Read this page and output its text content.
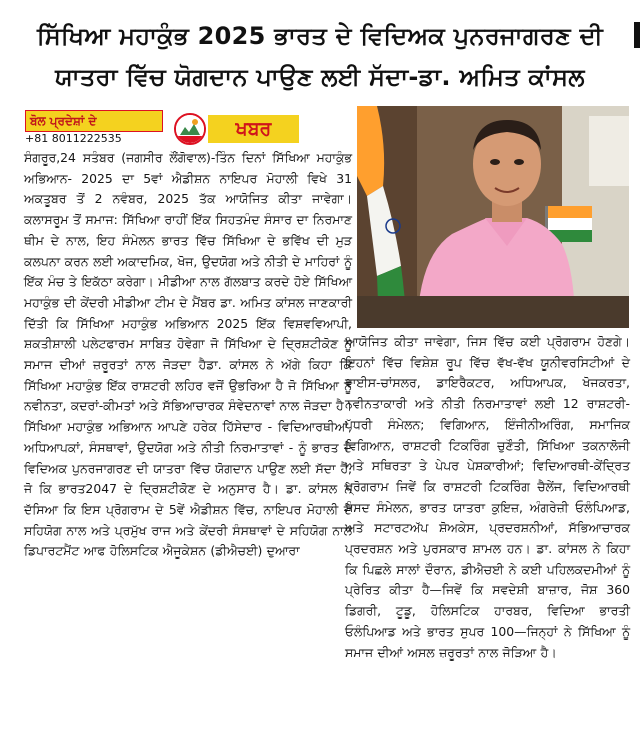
ਸਿੱਖਿਆ ਮਹਾਕੁੰਭ 2025 ਭਾਰਤ ਦੇ ਵਿਦਿਅਕ ਪੁਨਰਜਾਗਰਣ ਦੀ
ਯਾਤਰਾ ਵਿੱਚ ਯੋਗਦਾਨ ਪਾਉਣ ਲਈ ਸੱਦਾ-ਡਾ. ਅਮਿਤ ਕਾਂਸਲ
ਬੋਲ ਪ੍ਰਦੇਸ਼ਾਂ ਦੇ
+81 8011222535	ਖਬਰ

ਸੰਗਰੂਰ,24 ਸਤੰਬਰ (ਜਗਸੀਰ ਲੌਂਗੋਵਾਲ)-ਤਿੰਨ ਦਿਨਾਂ ਸਿੱਖਿਆ ਮਹਾਕੁੰਭ ਅਭਿਆਨ- 2025 ਦਾ 5ਵਾਂ ਐਡੀਸ਼ਨ ਨਾਇਪਰ ਮੋਹਾਲੀ ਵਿਖੇ 31 ਅਕਤੂਬਰ ਤੋਂ 2 ਨਵੰਬਰ, 2025 ਤੱਕ ਆਯੋਜਿਤ ਕੀਤਾ ਜਾਵੇਗਾ। ਕਲਾਸਰੂਮ ਤੋਂ ਸਮਾਜ: ਸਿੱਖਿਆ ਰਾਹੀਂ ਇੱਕ ਸਿਹਤਮੰਦ ਸੰਸਾਰ ਦਾ ਨਿਰਮਾਣ ਥੀਮ ਦੇ ਨਾਲ, ਇਹ ਸੰਮੇਲਨ ਭਾਰਤ ਵਿੱਚ ਸਿੱਖਿਆ ਦੇ ਭਵਿੱਖ ਦੀ ਮੁੜ ਕਲਪਨਾ ਕਰਨ ਲਈ ਅਕਾਦਮਿਕ, ਖੋਜ, ਉਦਯੋਗ ਅਤੇ ਨੀਤੀ ਦੇ ਮਾਹਿਰਾਂ ਨੂੰ ਇੱਕ ਮੰਚ ਤੇ ਇਕੱਠਾ ਕਰੇਗਾ। ਮੀਡੀਆ ਨਾਲ ਗੱਲਬਾਤ ਕਰਦੇ ਹੋਏ ਸਿੱਖਿਆ ਮਹਾਕੁੰਭ ਦੀ ਕੇਂਦਰੀ ਮੀਡੀਆ ਟੀਮ ਦੇ ਮੈਂਬਰ ਡਾ. ਅਮਿਤ ਕਾਂਸਲ ਜਾਣਕਾਰੀ ਦਿੱਤੀ ਕਿ ਸਿੱਖਿਆ ਮਹਾਕੁੰਭ ਅਭਿਆਨ 2025 ਇੱਕ ਵਿਸ਼ਵਵਿਆਪੀ, ਸ਼ਕਤੀਸ਼ਾਲੀ ਪਲੇਟਫਾਰਮ ਸਾਬਿਤ ਹੋਵੇਗਾ ਜੋ ਸਿੱਖਿਆ ਦੇ ਦ੍ਰਿਸ਼ਟੀਕੋਣ ਨੂੰ ਸਮਾਜ ਦੀਆਂ ਜ਼ਰੂਰਤਾਂ ਨਾਲ ਜੋੜਦਾ ਹੈਡਾ. ਕਾਂਸਲ ਨੇ ਅੱਗੇ ਕਿਹਾ ਕਿ ਸਿੱਖਿਆ ਮਹਾਕੁੰਭ ਇੱਕ ਰਾਸ਼ਟਰੀ ਲਹਿਰ ਵਜੋਂ ਉਭਰਿਆ ਹੈ ਜੋ ਸਿੱਖਿਆ ਨੂੰ ਨਵੀਨਤਾ, ਕਦਰਾਂ-ਕੀਮਤਾਂ ਅਤੇ ਸੱਭਿਆਚਾਰਕ ਸੰਵੇਦਨਾਵਾਂ ਨਾਲ ਜੋੜਦਾ ਹੈ। ਸਿੱਖਿਆ ਮਹਾਕੁੰਭ ਅਭਿਆਨ ਆਪਣੇ ਹਰੇਕ ਹਿੱਸੇਦਾਰ - ਵਿਦਿਆਰਥੀਆਂ, ਅਧਿਆਪਕਾਂ, ਸੰਸਥਾਵਾਂ, ਉਦਯੋਗ ਅਤੇ ਨੀਤੀ ਨਿਰਮਾਤਾਵਾਂ - ਨੂੰ ਭਾਰਤ ਦੇ ਵਿਦਿਅਕ ਪੁਨਰਜਾਗਰਣ ਦੀ ਯਾਤਰਾ ਵਿੱਚ ਯੋਗਦਾਨ ਪਾਉਣ ਲਈ ਸੱਦਾ ਹੈ, ਜੋ ਕਿ ਭਾਰਤ2047 ਦੇ ਦ੍ਰਿਸ਼ਟੀਕੋਣ ਦੇ ਅਨੁਸਾਰ ਹੈ। ਡਾ. ਕਾਂਸਲ ਨੇ ਦੱਸਿਆ ਕਿ ਇਸ ਪ੍ਰੋਗਰਾਮ ਦੇ 5ਵੇਂ ਐਡੀਸ਼ਨ ਵਿੱਚ, ਨਾਇਪਰ ਮੋਹਾਲੀ ਦੇ ਸਹਿਯੋਗ ਨਾਲ ਅਤੇ ਪ੍ਰਮੁੱਖ ਰਾਜ ਅਤੇ ਕੇਂਦਰੀ ਸੰਸਥਾਵਾਂ ਦੇ ਸਹਿਯੋਗ ਨਾਲ ਡਿਪਾਰਟਮੈਂਟ ਆਫ ਹੋਲਿਸਟਿਕ ਐਜੂਕੇਸ਼ਨ (ਡੀਐਚਈ) ਦੁਆਰਾ

ਆਯੋਜਿਤ ਕੀਤਾ ਜਾਵੇਗਾ, ਜਿਸ ਵਿੱਚ ਕਈ ਪ੍ਰੋਗਰਾਮ ਹੋਣਗੇ। ਇਹਨਾਂ ਵਿੱਚ ਵਿਸ਼ੇਸ਼ ਰੂਪ ਵਿੱਚ ਵੱਖ-ਵੱਖ ਯੂਨੀਵਰਸਿਟੀਆਂ ਦੇ ਵਾਈਸ-ਚਾਂਸਲਰ, ਡਾਇਰੈਕਟਰ, ਅਧਿਆਪਕ, ਖੋਜਕਰਤਾ, ਨਵੀਨਤਾਕਾਰੀ ਅਤੇ ਨੀਤੀ ਨਿਰਮਾਤਾਵਾਂ ਲਈ 12 ਰਾਸ਼ਟਰੀ-ਪੱਧਰੀ ਸੰਮੇਲਨ; ਵਿਗਿਆਨ, ਇੰਜੀਨੀਅਰਿੰਗ, ਸਮਾਜਿਕ ਵਿਗਿਆਨ, ਰਾਸ਼ਟਰੀ ਟਿਕਰਿੰਗ ਚੁਣੌਤੀ, ਸਿੱਖਿਆ ਤਕਨਾਲੋਜੀ ਅਤੇ ਸਥਿਰਤਾ ਤੇ ਪੇਪਰ ਪੇਸ਼ਕਾਰੀਆਂ; ਵਿਦਿਆਰਥੀ-ਕੇਂਦ੍ਰਿਤ ਪ੍ਰੋਗਰਾਮ ਜਿਵੇਂ ਕਿ ਰਾਸ਼ਟਰੀ ਟਿਕਰਿੰਗ ਚੈਲੇਂਜ, ਵਿਦਿਆਰਥੀ ਸੰਸਦ ਸੰਮੇਲਨ, ਭਾਰਤ ਯਾਤਰਾ ਕੁਇਜ਼, ਅੰਗਰੇਜ਼ੀ ਓਲੰਪਿਆਡ, ਅਤੇ ਸਟਾਰਟਅੱਪ ਸ਼ੋਅਕੇਸ, ਪ੍ਰਦਰਸ਼ਨੀਆਂ, ਸੱਭਿਆਚਾਰਕ ਪ੍ਰਦਰਸ਼ਨ ਅਤੇ ਪੁਰਸਕਾਰ ਸ਼ਾਮਲ ਹਨ। ਡਾ. ਕਾਂਸਲ ਨੇ ਕਿਹਾ ਕਿ ਪਿਛਲੇ ਸਾਲਾਂ ਦੌਰਾਨ, ਡੀਐਚਈ ਨੇ ਕਈ ਪਹਿਲਕਦਮੀਆਂ ਨੂੰ ਪ੍ਰੇਰਿਤ ਕੀਤਾ ਹੈ—ਜਿਵੇਂ ਕਿ ਸਵਦੇਸ਼ੀ ਬਾਜ਼ਾਰ, ਜੋਸ਼ 360 ਡਿਗਰੀ, ਟੂਡੂ, ਹੋਲਿਸਟਿਕ ਹਾਰਬਰ, ਵਿਦਿਆ ਭਾਰਤੀ ਓਲੰਪਿਆਡ ਅਤੇ ਭਾਰਤ ਸੁਪਰ 100—ਜਿਨ੍ਹਾਂ ਨੇ ਸਿੱਖਿਆ ਨੂੰ ਸਮਾਜ ਦੀਆਂ ਅਸਲ ਜ਼ਰੂਰਤਾਂ ਨਾਲ ਜੋੜਿਆ ਹੈ।
